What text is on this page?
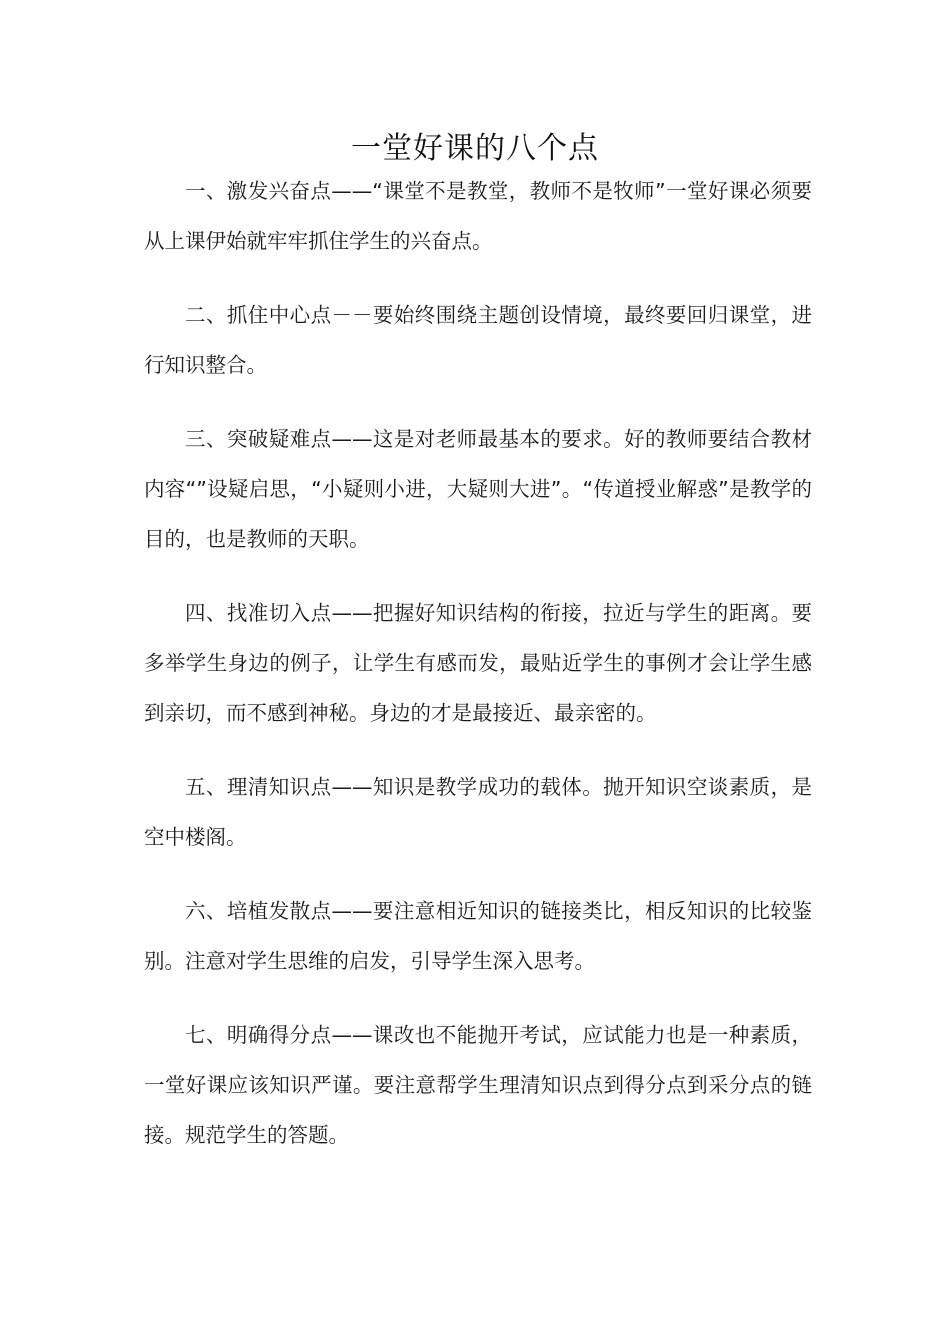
一堂好课的八个点

一、激发兴奋点——“课堂不是教堂，教师不是牧师”一堂好课必须要从上课伊始就牢牢抓住学生的兴奋点。

二、抓住中心点－－要始终围绕主题创设情境，最终要回归课堂，进行知识整合。

三、突破疑难点——这是对老师最基本的要求。好的教师要结合教材内容“”设疑启思，“小疑则小进，大疑则大进”。“传道授业解惑”是教学的目的，也是教师的天职。

四、找准切入点——把握好知识结构的衔接，拉近与学生的距离。要多举学生身边的例子，让学生有感而发，最贴近学生的事例才会让学生感到亲切，而不感到神秘。身边的才是最接近、最亲密的。

五、理清知识点——知识是教学成功的载体。抛开知识空谈素质，是空中楼阁。

六、培植发散点——要注意相近知识的链接类比，相反知识的比较鉴别。注意对学生思维的启发，引导学生深入思考。

七、明确得分点——课改也不能抛开考试，应试能力也是一种素质，一堂好课应该知识严谨。要注意帮学生理清知识点到得分点到采分点的链接。规范学生的答题。
